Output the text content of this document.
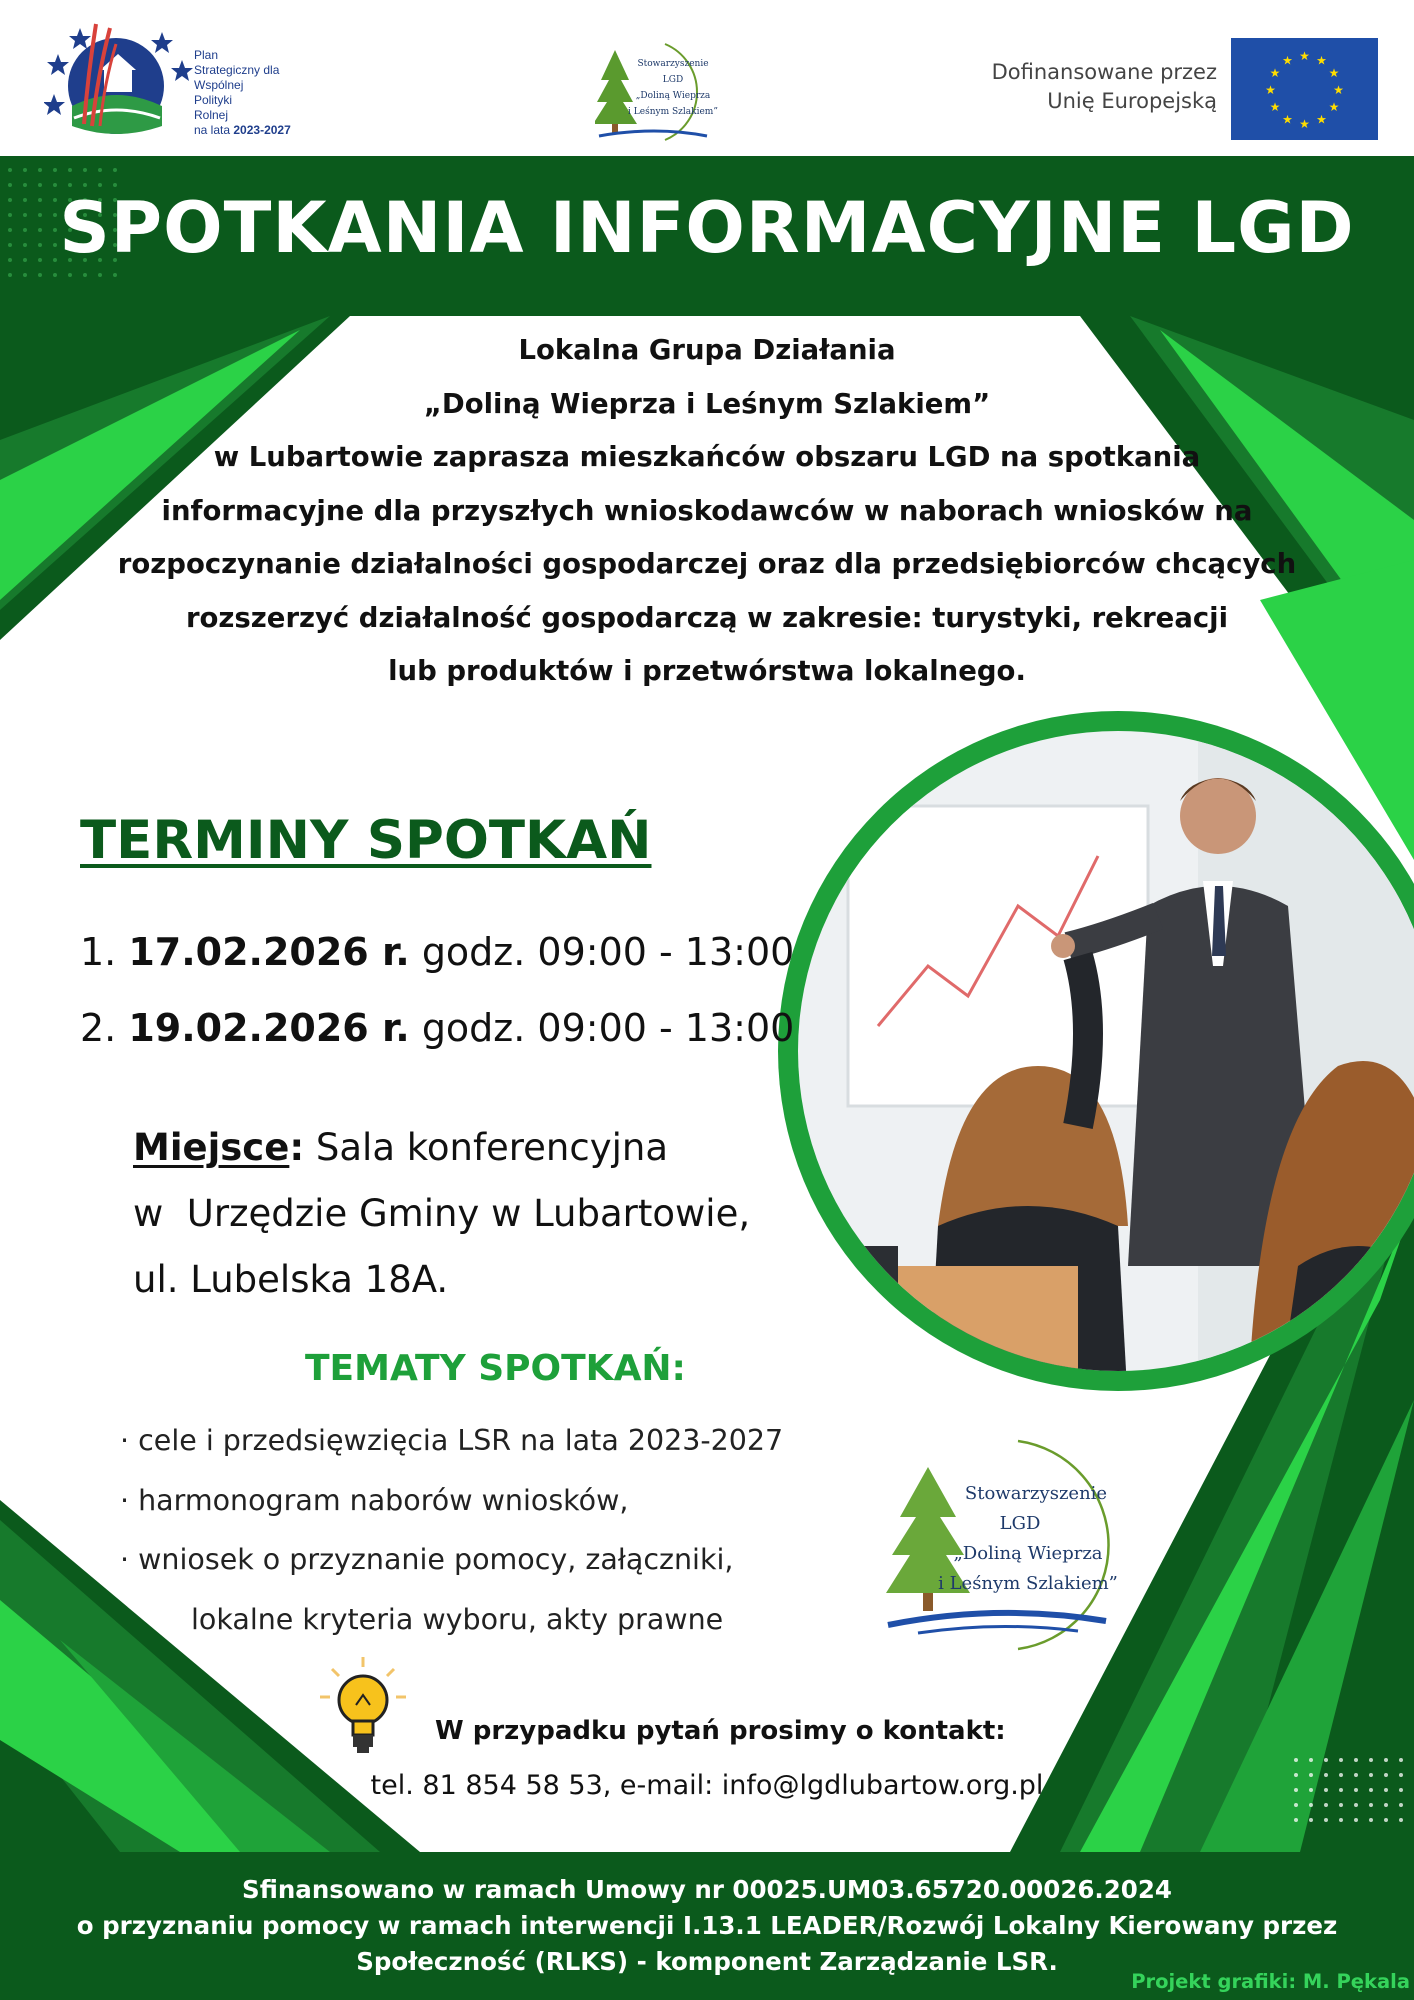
Plan
Strategiczny dla
Wspólnej
Polityki
Rolnej
na lata 2023-2027
Stowarzyszenie
LGD
„Doliną Wieprza
i Leśnym Szlakiem”
Dofinansowane przez
Unię Europejską
★ ★
★
★
★
★
★
★
★
★
★
★
SPOTKANIA INFORMACYJNE LGD
Lokalna Grupa Działania
„Doliną Wieprza i Leśnym Szlakiem”
w Lubartowie zaprasza mieszkańców obszaru LGD na spotkania
informacyjne dla przyszłych wnioskodawców w naborach wniosków na
rozpoczynanie działalności gospodarczej oraz dla przedsiębiorców chcących
rozszerzyć działalność gospodarczą w zakresie: turystyki, rekreacji
lub produktów i przetwórstwa lokalnego.
TERMINY SPOTKAŃ
1. 17.02.2026 r. godz. 09:00 - 13:00
2. 19.02.2026 r. godz. 09:00 - 13:00
Miejsce: Sala konferencyjna
w  Urzędzie Gminy w Lubartowie,
ul. Lubelska 18A.
TEMATY SPOTKAŃ:
· cele i przedsięwzięcia LSR na lata 2023-2027
· harmonogram naborów wniosków,
· wniosek o przyznanie pomocy, załączniki,
lokalne kryteria wyboru, akty prawne
Stowarzyszenie
LGD
„Doliną Wieprza
i Leśnym Szlakiem”
W przypadku pytań prosimy o kontakt:
tel. 81 854 58 53, e-mail: info@lgdlubartow.org.pl
Sfinansowano w ramach Umowy nr 00025.UM03.65720.00026.2024
o przyznaniu pomocy w ramach interwencji I.13.1 LEADER/Rozwój Lokalny Kierowany przez
Społeczność (RLKS) - komponent Zarządzanie LSR.
Projekt grafiki: M. Pękala
